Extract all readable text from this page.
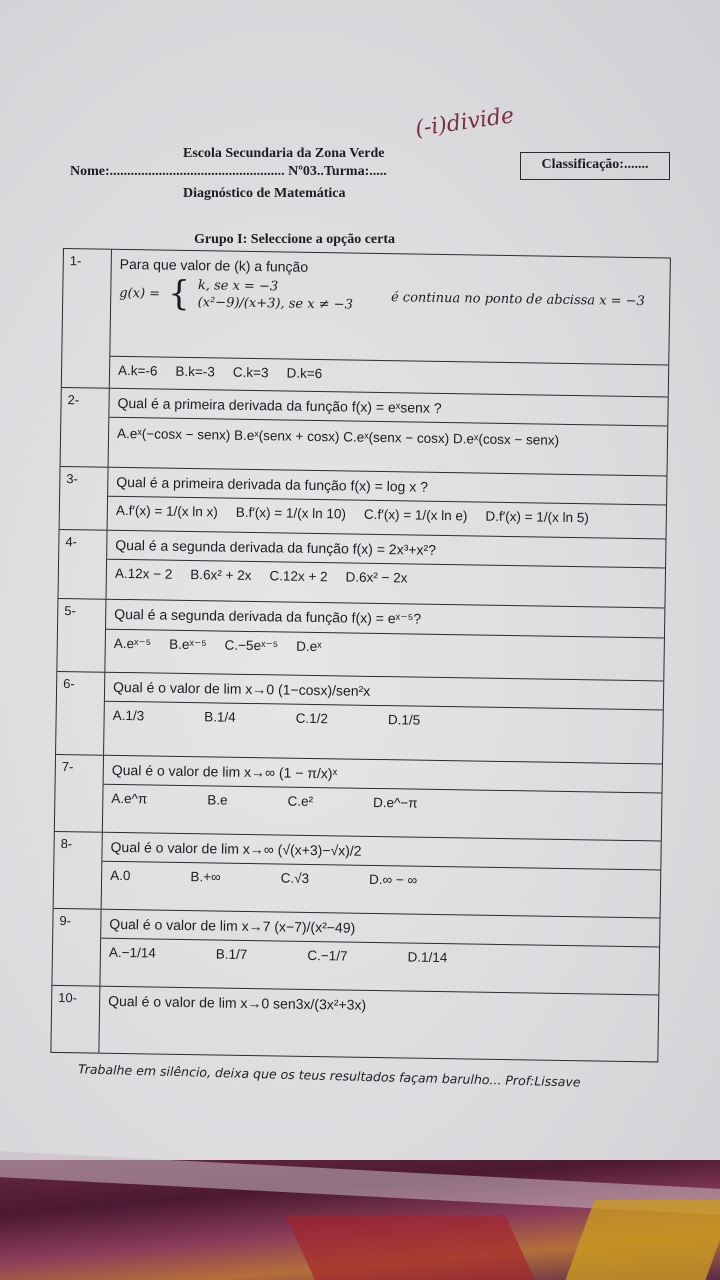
(-i)divide
Escola Secundaria da Zona Verde
Classificação:.......
Nome:.................................................. Nº03..Turma:.....
Diagnóstico de Matemática
Grupo I: Seleccione a opção certa
1-	Para que valor de (k) a função
g(x) = { k, se x = −3
(x²−9)/(x+3), se x ≠ −3	é continua no ponto de abcissa x = −3
A.k=-6 B.k=-3 C.k=3 D.k=6
2-	Qual é a primeira derivada da função f(x) = eˣsenx ?
A.eˣ(−cosx − senx) B.eˣ(senx + cosx) C.eˣ(senx − cosx) D.eˣ(cosx − senx)
3-	Qual é a primeira derivada da função f(x) = log x ?
A.f′(x) = 1/(x ln x) B.f′(x) = 1/(x ln 10) C.f′(x) = 1/(x ln e) D.f′(x) = 1/(x ln 5)
4-	Qual é a segunda derivada da função f(x) = 2x³+x²?
A.12x − 2 B.6x² + 2x C.12x + 2 D.6x² − 2x
5-	Qual é a segunda derivada da função f(x) = eˣ⁻⁵?
A.eˣ⁻⁵ B.eˣ⁻⁵ C.−5eˣ⁻⁵ D.eˣ
6-	Qual é o valor de lim x→0 (1−cosx)/sen²x
A.1/3	B.1/4	C.1/2	D.1/5
7-	Qual é o valor de lim x→∞ (1 − π/x)ˣ
A.e^π	B.e	C.e²	D.e^−π
8-	Qual é o valor de lim x→∞ (√(x+3)−√x)/2
A.0	B.+∞	C.√3	D.∞ − ∞
9-	Qual é o valor de lim x→7 (x−7)/(x²−49)
A.−1/14	B.1/7	C.−1/7	D.1/14
10-	Qual é o valor de lim x→0 sen3x/(3x²+3x)
Trabalhe em silêncio, deixa que os teus resultados façam barulho... Prof:Lissave
